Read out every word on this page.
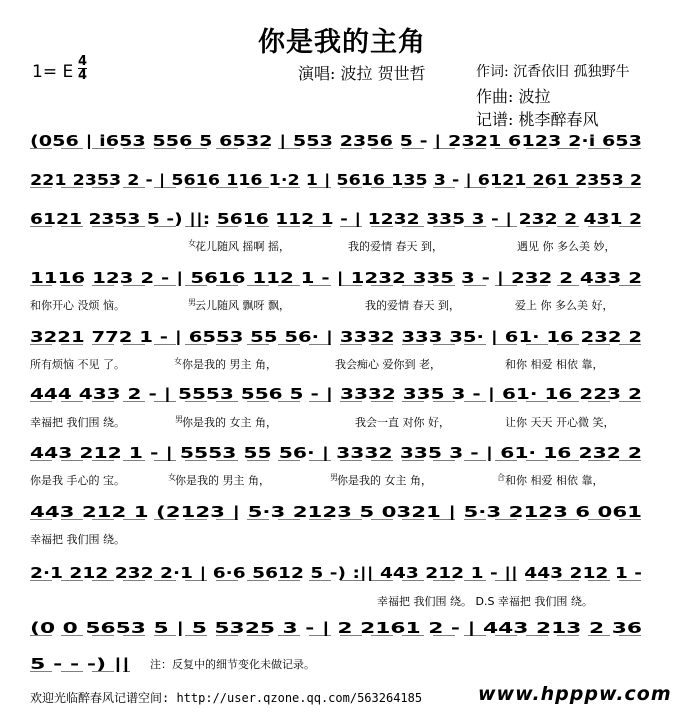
你是我的主角
1= E
4
4	演唱: 波拉 贺世哲	作词: 沉香依旧 孤独野牛
作曲: 波拉
记谱: 桃李醉春风
(056 | i653 556 5 6532 | 553 2356 5 - | 2321 6123 2·i 653
221 2353 2 - | 5616 116 1·2 1 | 5616 135 3 - | 6121 261 2353 2
6121 2353 5 -) ||: 5616 112 1 - | 1232 335 3 - | 232 2 431 2
女 花儿随风 摇啊 摇，	我的爱情 春天 到，	遇见 你 多么美 妙，
1116 123 2 - | 5616 112 1 - | 1232 335 3 - | 232 2 433 2
和你开心 没烦 恼。	男 云儿随风 飘呀 飘，	我的爱情 春天 到，	爱上 你 多么美 好，
3221 772 1 - | 6553 55 56· | 3332 333 35· | 61· 16 232 2
所有烦恼 不见 了。	女 你是我的 男主 角，	我会痴心 爱你到 老，	和你 相爱 相依 靠，
444 433 2 - | 5553 556 5 - | 3332 335 3 - | 61· 16 223 2
幸福把 我们围 绕。	男 你是我的 女主 角，	我会一直 对你 好，	让你 天天 开心微 笑，
443 212 1 - | 5553 55 56· | 3332 335 3 - | 61· 16 232 2
你是我 手心的 宝。	女 你是我的 男主 角，	男 你是我的 女主 角，	合 和你 相爱 相依 靠，
443 212 1 (2123 | 5·3 2123 5 0321 | 5·3 2123 6 061
幸福把 我们围 绕。
2·1 212 232 2·1 | 6·6 5612 5 -) :|| 443 212 1 - || 443 212 1 -
幸福把 我们围 绕。 D.S 幸福把 我们围 绕。
(0 0 5653 5 | 5 5325 3 - | 2 2161 2 - | 443 213 2 36
5 - - -) ||	注：反复中的细节变化未做记录。
欢迎光临醉春风记谱空间: http://user.qzone.qq.com/563264185	www.hpppw.com
